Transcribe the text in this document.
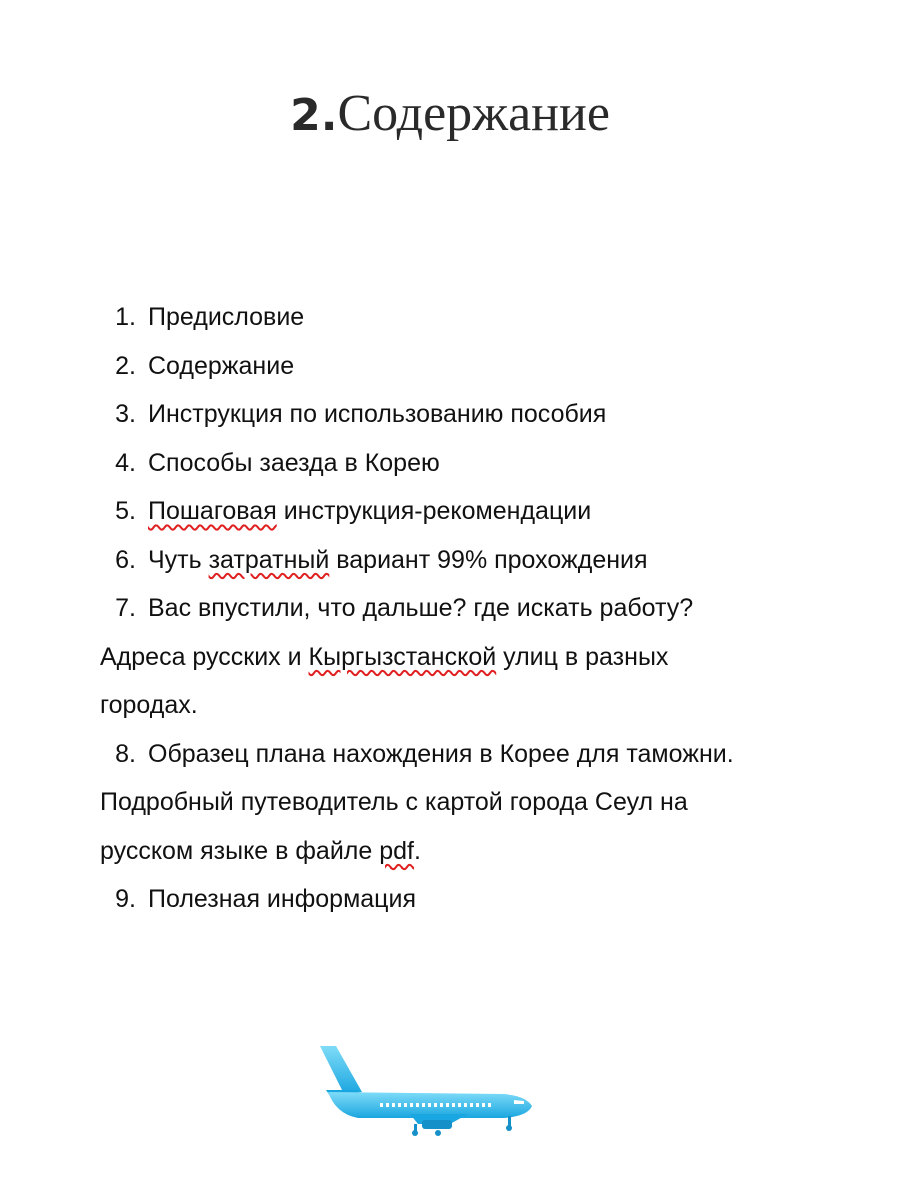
2.Содержание
1. Предисловие
2. Содержание
3. Инструкция по использованию пособия
4. Способы заезда в Корею
5. Пошаговая инструкция-рекомендации
6. Чуть затратный вариант 99% прохождения
7. Вас впустили, что дальше? где искать работу?
Адреса русских и Кыргызстанской улиц в разных
городах.
8. Образец плана нахождения в Корее для таможни.
Подробный путеводитель с картой города Сеул на
русском языке в файле pdf.
9. Полезная информация
